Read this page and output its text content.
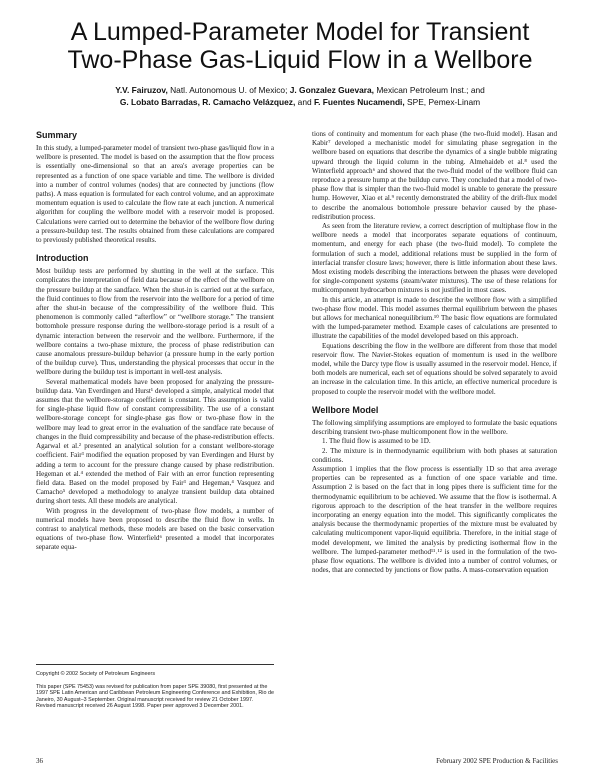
A Lumped-Parameter Model for Transient
Two-Phase Gas-Liquid Flow in a Wellbore
Y.V. Fairuzov, Natl. Autonomous U. of Mexico; J. Gonzalez Guevara, Mexican Petroleum Inst.; and
G. Lobato Barradas, R. Camacho Velázquez, and F. Fuentes Nucamendi, SPE, Pemex-Linam
Summary

In this study, a lumped-parameter model of transient two-phase gas/liquid flow in a wellbore is presented. The model is based on the assumption that the flow process is essentially one-dimensional so that an area's average properties can be represented as a function of one space variable and time. The wellbore is divided into a number of control volumes (nodes) that are connected by junctions (flow paths). A mass equation is formulated for each control volume, and an approximate momentum equation is used to calculate the flow rate at each junction. A numerical algorithm for coupling the wellbore model with a reservoir model is proposed. Calculations were carried out to determine the behavior of the wellbore flow during a pressure-buildup test. The results obtained from these calculations are compared to previously published theoretical results.

Introduction

Most buildup tests are performed by shutting in the well at the surface. This complicates the interpretation of field data because of the effect of the wellbore on the pressure buildup at the sandface. When the shut-in is carried out at the surface, the fluid continues to flow from the reservoir into the wellbore for a period of time after the shut-in because of the compressibility of the wellbore fluid. This phenomenon is commonly called “afterflow” or “wellbore storage.” The transient bottomhole pressure response during the wellbore-storage period is a result of a dynamic interaction between the reservoir and the wellbore. Furthermore, if the wellbore contains a two-phase mixture, the process of phase redistribution can cause anomalous pressure-buildup behavior (a pressure hump in the early portion of the buildup curve). Thus, understanding the physical processes that occur in the wellbore during the buildup test is important in well-test analysis.

Several mathematical models have been proposed for analyzing the pressure-buildup data. Van Everdingen and Hurst¹ developed a simple, analytical model that assumes that the wellbore-storage coefficient is constant. This assumption is valid for single-phase liquid flow of constant compressibility. The use of a constant wellbore-storage concept for single-phase gas flow or two-phase flow in the wellbore may lead to great error in the evaluation of the sandface rate because of changes in the fluid compressibility and because of the phase-redistribution effects. Agarwal et al.² presented an analytical solution for a constant wellbore-storage coefficient. Fair³ modified the equation proposed by van Everdingen and Hurst by adding a term to account for the pressure change caused by phase redistribution. Hegeman et al.⁴ extended the method of Fair with an error function representing field data. Based on the model proposed by Fair³ and Hegeman,⁴ Vasquez and Camacho⁵ developed a methodology to analyze transient buildup data obtained during short tests. All these models are analytical.

With progress in the development of two-phase flow models, a number of numerical models have been proposed to describe the fluid flow in wells. In contrast to analytical methods, these models are based on the basic conservation equations of two-phase flow. Winterfield⁶ presented a model that incorporates separate equa-

Copyright © 2002 Society of Petroleum Engineers

This paper (SPE 75453) was revised for publication from paper SPE 39080, first presented at the 1997 SPE Latin American and Caribbean Petroleum Engineering Conference and Exhibition, Rio de Janeiro, 30 August–3 September. Original manuscript received for review 21 October 1997. Revised manuscript received 26 August 1998. Paper peer approved 3 December 2001.

tions of continuity and momentum for each phase (the two-fluid model). Hasan and Kabir⁷ developed a mechanistic model for simulating phase segregation in the wellbore based on equations that describe the dynamics of a single bubble migrating upward through the liquid column in the tubing. Almehaideb et al.⁸ used the Winterfield approach⁶ and showed that the two-fluid model of the wellbore fluid can reproduce a pressure hump at the buildup curve. They concluded that a model of two-phase flow that is simpler than the two-fluid model is unable to generate the pressure hump. However, Xiao et al.⁹ recently demonstrated the ability of the drift-flux model to describe the anomalous bottomhole pressure behavior caused by the phase-redistribution process.

As seen from the literature review, a correct description of multiphase flow in the wellbore needs a model that incorporates separate equations of continuum, momentum, and energy for each phase (the two-fluid model). To complete the formulation of such a model, additional relations must be supplied in the form of interfacial transfer closure laws; however, there is little information about these laws. Most existing models describing the interactions between the phases were developed for single-component systems (steam/water mixtures). The use of these relations for multicomponent hydrocarbon mixtures is not justified in most cases.

In this article, an attempt is made to describe the wellbore flow with a simplified two-phase flow model. This model assumes thermal equilibrium between the phases but allows for mechanical nonequilibrium.¹⁰ The basic flow equations are formulated with the lumped-parameter method. Example cases of calculations are presented to illustrate the capabilities of the model developed based on this approach.

Equations describing the flow in the wellbore are different from those that model reservoir flow. The Navier-Stokes equation of momentum is used in the wellbore model, while the Darcy type flow is usually assumed in the reservoir model. Hence, if both models are numerical, each set of equations should be solved separately to avoid an increase in the calculation time. In this article, an effective numerical procedure is proposed to couple the reservoir model with the wellbore model.

Wellbore Model

The following simplifying assumptions are employed to formulate the basic equations describing transient two-phase multicomponent flow in the wellbore.

1. The fluid flow is assumed to be 1D.

2. The mixture is in thermodynamic equilibrium with both phases at saturation conditions.

Assumption 1 implies that the flow process is essentially 1D so that area average properties can be represented as a function of one space variable and time. Assumption 2 is based on the fact that in long pipes there is sufficient time for the thermodynamic equilibrium to be achieved. We assume that the flow is isothermal. A rigorous approach to the description of the heat transfer in the wellbore requires incorporating an energy equation into the model. This significantly complicates the analysis because the thermodynamic properties of the mixture must be evaluated by calculating multicomponent vapor-liquid equilibria. Therefore, in the initial stage of model development, we limited the analysis by predicting isothermal flow in the wellbore. The lumped-parameter method¹¹˒¹² is used in the formulation of the two-phase flow equations. The wellbore is divided into a number of control volumes, or nodes, that are connected by junctions or flow paths. A mass-conservation equation

36	February 2002 SPE Production & Facilities
